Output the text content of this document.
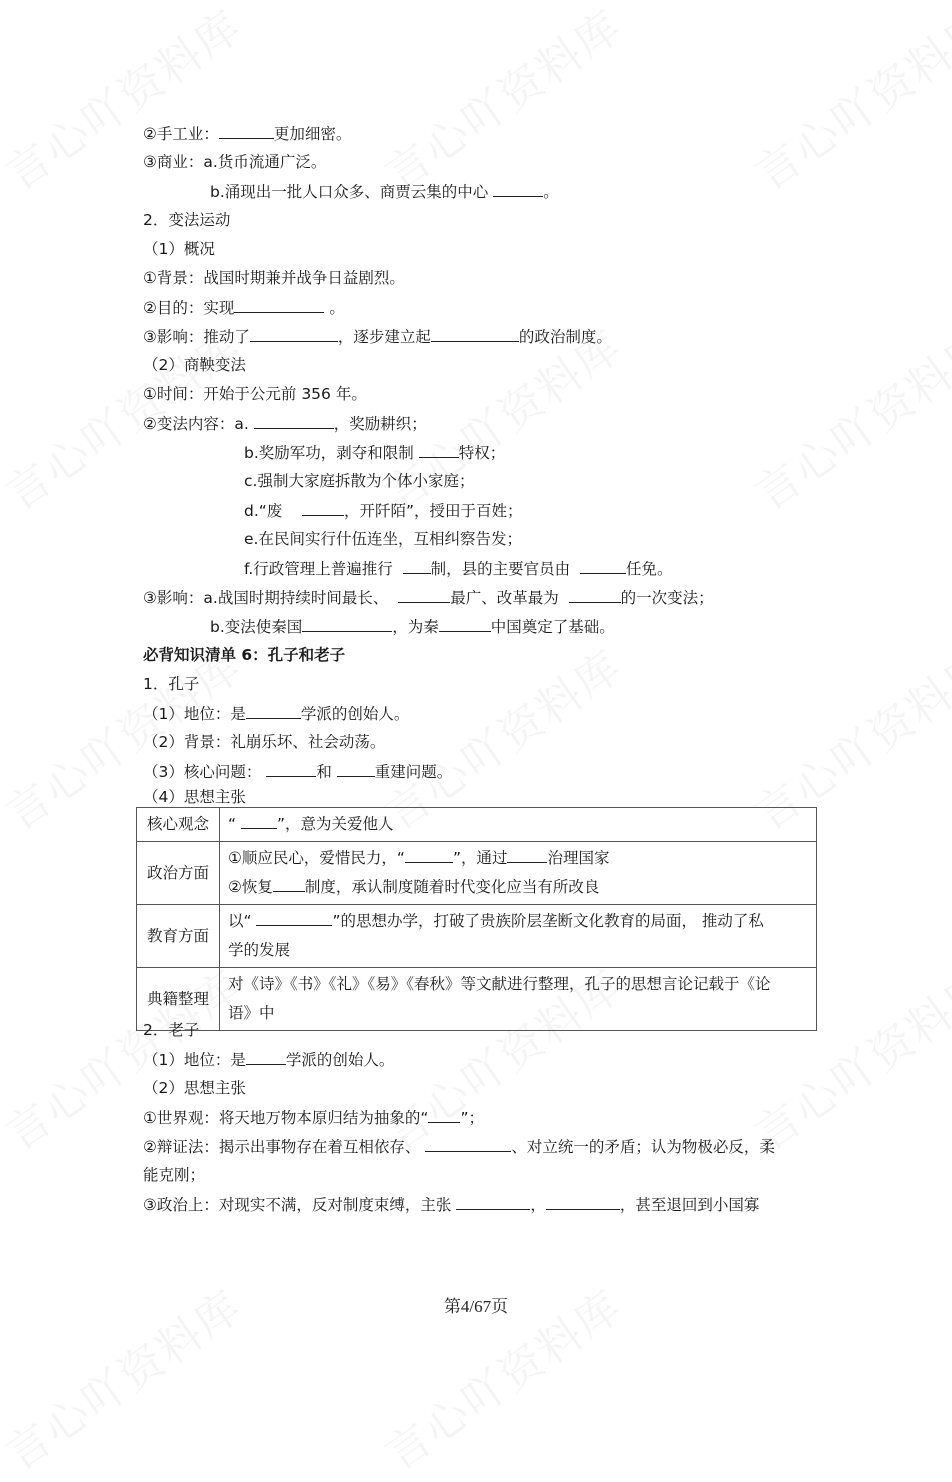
②手工业：	更加细密。
③商业：a.货币流通广泛。
b.涌现出一批人口众多、商贾云集的中心	。
2．变法运动
（1）概况
①背景：战国时期兼并战争日益剧烈。
②目的：实现	。
③影响：推动了	，逐步建立起	的政治制度。
（2）商鞅变法
①时间：开始于公元前 356 年。
②变法内容：a.	，奖励耕织；
b.奖励军功，剥夺和限制	特权；
c.强制大家庭拆散为个体小家庭；
d.“废	，开阡陌”，授田于百姓；
e.在民间实行什伍连坐，互相纠察告发；
f.行政管理上普遍推行 制，县的主要官员由	任免。
③影响：a.战国时期持续时间最长、	最广、改革最为	的一次变法；
b.变法使秦国	，为秦	中国奠定了基础。
必背知识清单 6：孔子和老子
1．孔子
（1）地位：是	学派的创始人。
（2）背景：礼崩乐坏、社会动荡。
（3）核心问题：	和	重建问题。
（4）思想主张
核心观念	“ ”，意为关爱他人
政治方面	①顺应民心，爱惜民力，“ ”，通过 治理国家
②恢复 制度，承认制度随着时代变化应当有所改良

教育方面	以“ ”的思想办学，打破了贵族阶层垄断文化教育的局面， 推动了私
学的发展

典籍整理	对《诗》《书》《礼》《易》《春秋》等文献进行整理，孔子的思想言论记载于《论
语》中
2．老子
（1）地位：是	学派的创始人。
（2）思想主张
①世界观：将天地万物本原归结为抽象的“ ”；
②辩证法：揭示出事物存在着互相依存、	、对立统一的矛盾；认为物极必反，柔
能克刚；
③政治上：对现实不满，反对制度束缚，主张	，	，甚至退回到小国寡
第4/67页
